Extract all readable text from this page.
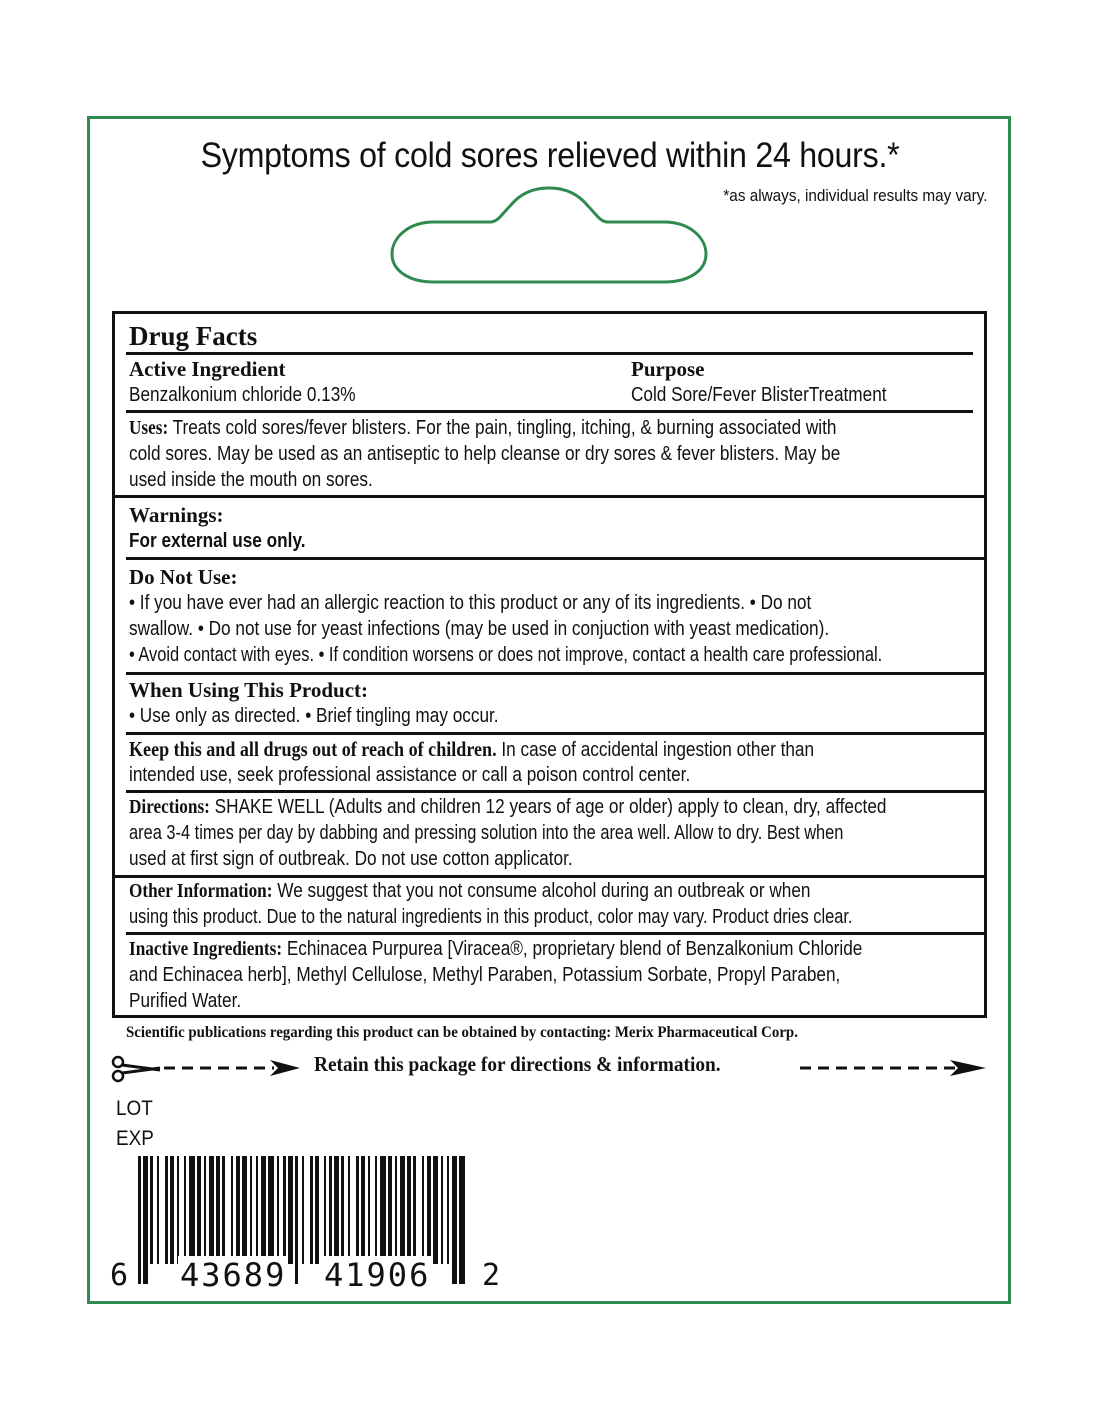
Symptoms of cold sores relieved within 24 hours.*
*as always, individual results may vary.
Drug Facts
Active Ingredient
Benzalkonium chloride 0.13%
Purpose
Cold Sore/Fever BlisterTreatment
Uses: Treats cold sores/fever blisters. For the pain, tingling, itching, & burning associated with
cold sores. May be used as an antiseptic to help cleanse or dry sores & fever blisters. May be
used inside the mouth on sores.
Warnings:
For external use only.
Do Not Use:
• If you have ever had an allergic reaction to this product or any of its ingredients. • Do not
swallow. • Do not use for yeast infections (may be used in conjuction with yeast medication).
• Avoid contact with eyes. • If condition worsens or does not improve, contact a health care professional.
When Using This Product:
• Use only as directed. • Brief tingling may occur.
Keep this and all drugs out of reach of children. In case of accidental ingestion other than
intended use, seek professional assistance or call a poison control center.
Directions: SHAKE WELL (Adults and children 12 years of age or older) apply to clean, dry, affected
area 3-4 times per day by dabbing and pressing solution into the area well. Allow to dry. Best when
used at first sign of outbreak. Do not use cotton applicator.
Other Information: We suggest that you not consume alcohol during an outbreak or when
using this product. Due to the natural ingredients in this product, color may vary. Product dries clear.
Inactive Ingredients: Echinacea Purpurea [Viracea®, proprietary blend of Benzalkonium Chloride
and Echinacea herb], Methyl Cellulose, Methyl Paraben, Potassium Sorbate, Propyl Paraben,
Purified Water.
Scientific publications regarding this product can be obtained by contacting: Merix Pharmaceutical Corp.
Retain this package for directions & information.
LOT
EXP
6 43689 41906 2
